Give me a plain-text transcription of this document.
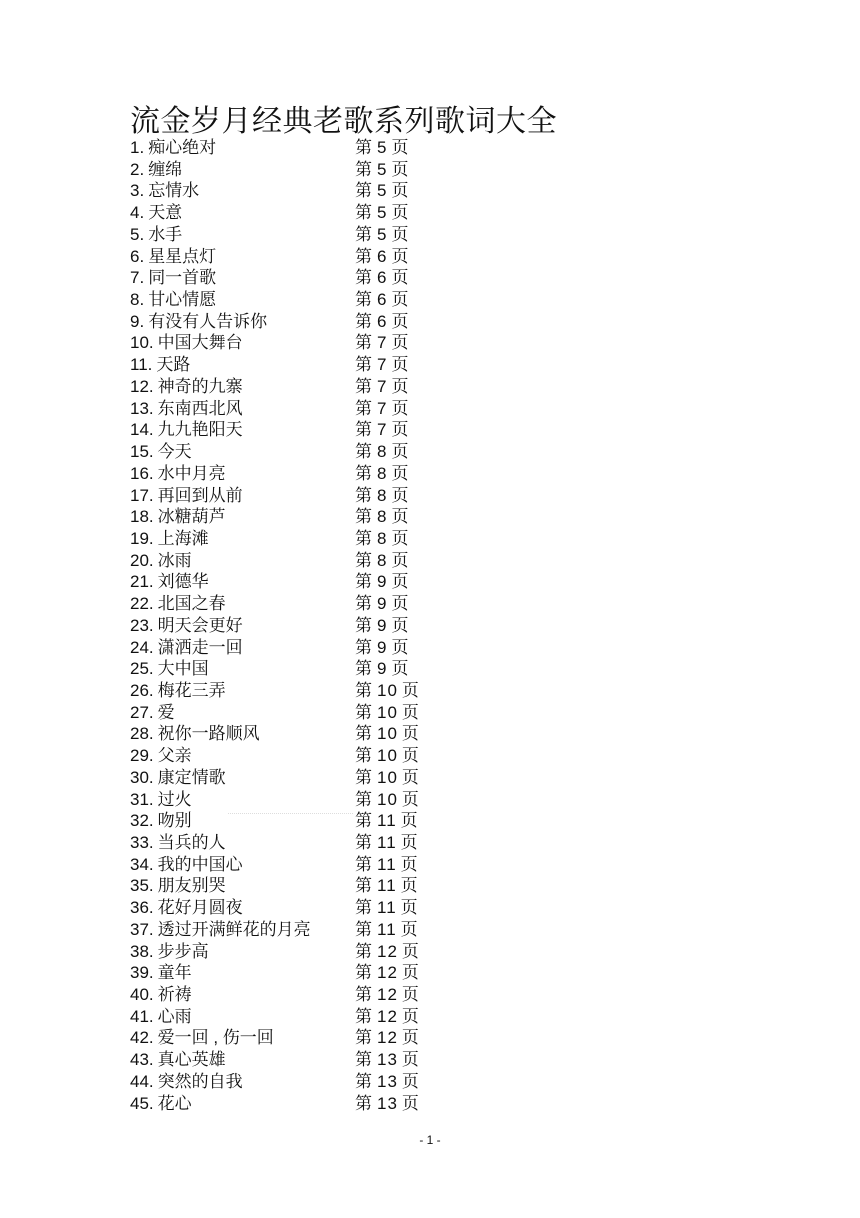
流金岁月经典老歌系列歌词大全
1. 痴心绝对	第 5 页
2. 缠绵	第 5 页
3. 忘情水	第 5 页
4. 天意	第 5 页
5. 水手	第 5 页
6. 星星点灯	第 6 页
7. 同一首歌	第 6 页
8. 甘心情愿	第 6 页
9. 有没有人告诉你	第 6 页
10. 中国大舞台	第 7 页
11. 天路	第 7 页
12. 神奇的九寨	第 7 页
13. 东南西北风	第 7 页
14. 九九艳阳天	第 7 页
15. 今天	第 8 页
16. 水中月亮	第 8 页
17. 再回到从前	第 8 页
18. 冰糖葫芦	第 8 页
19. 上海滩	第 8 页
20. 冰雨	第 8 页
21. 刘德华	第 9 页
22. 北国之春	第 9 页
23. 明天会更好	第 9 页
24. 潇洒走一回	第 9 页
25. 大中国	第 9 页
26. 梅花三弄	第 10 页
27. 爱	第 10 页
28. 祝你一路顺风	第 10 页
29. 父亲	第 10 页
30. 康定情歌	第 10 页
31. 过火	第 10 页
32. 吻别	第 11 页
33. 当兵的人	第 11 页
34. 我的中国心	第 11 页
35. 朋友别哭	第 11 页
36. 花好月圆夜	第 11 页
37. 透过开满鲜花的月亮	第 11 页
38. 步步高	第 12 页
39. 童年	第 12 页
40. 祈祷	第 12 页
41. 心雨	第 12 页
42. 爱一回 , 伤一回	第 12 页
43. 真心英雄	第 13 页
44. 突然的自我	第 13 页
45. 花心	第 13 页
- 1 -
